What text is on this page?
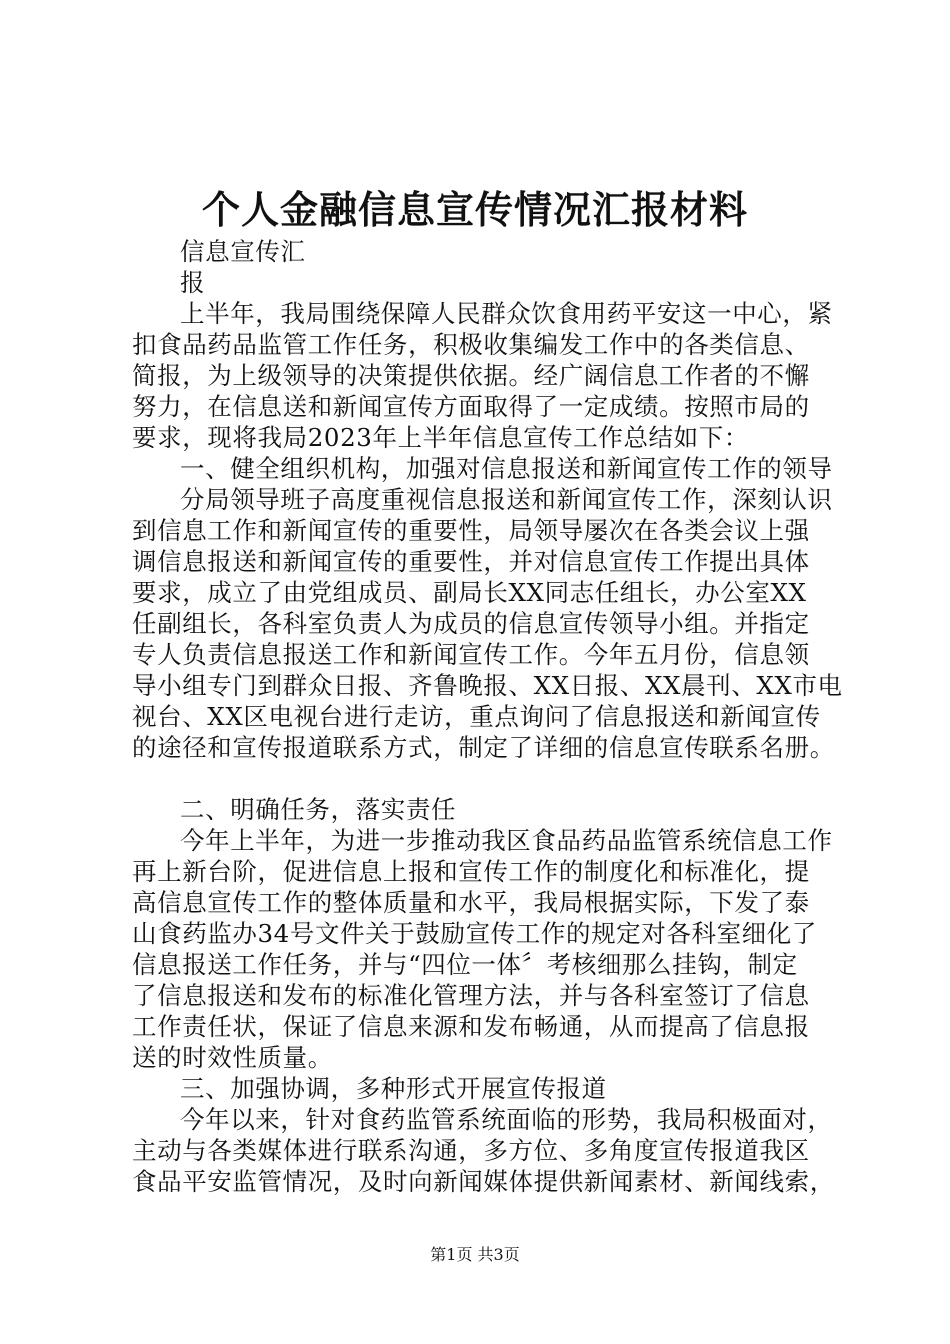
个人金融信息宣传情况汇报材料
信息宣传汇
报
上半年，我局围绕保障人民群众饮食用药平安这一中心，紧
扣食品药品监管工作任务，积极收集编发工作中的各类信息、
简报，为上级领导的决策提供依据。经广阔信息工作者的不懈
努力，在信息送和新闻宣传方面取得了一定成绩。按照市局的
要求，现将我局2023年上半年信息宣传工作总结如下：
一、健全组织机构，加强对信息报送和新闻宣传工作的领导
分局领导班子高度重视信息报送和新闻宣传工作，深刻认识
到信息工作和新闻宣传的重要性，局领导屡次在各类会议上强
调信息报送和新闻宣传的重要性，并对信息宣传工作提出具体
要求，成立了由党组成员、副局长XX同志任组长，办公室XX
任副组长，各科室负责人为成员的信息宣传领导小组。并指定
专人负责信息报送工作和新闻宣传工作。今年五月份，信息领
导小组专门到群众日报、齐鲁晚报、XX日报、XX晨刊、XX市电
视台、XX区电视台进行走访，重点询问了信息报送和新闻宣传
的途径和宣传报道联系方式，制定了详细的信息宣传联系名册。
二、明确任务，落实责任
今年上半年，为进一步推动我区食品药品监管系统信息工作
再上新台阶，促进信息上报和宣传工作的制度化和标准化，提
高信息宣传工作的整体质量和水平，我局根据实际，下发了泰
山食药监办34号文件关于鼓励宣传工作的规定对各科室细化了
信息报送工作任务，并与“四位一体〞考核细那么挂钩，制定
了信息报送和发布的标准化管理方法，并与各科室签订了信息
工作责任状，保证了信息来源和发布畅通，从而提高了信息报
送的时效性质量。
三、加强协调，多种形式开展宣传报道
今年以来，针对食药监管系统面临的形势，我局积极面对，
主动与各类媒体进行联系沟通，多方位、多角度宣传报道我区
食品平安监管情况，及时向新闻媒体提供新闻素材、新闻线索，
第1页 共3页
